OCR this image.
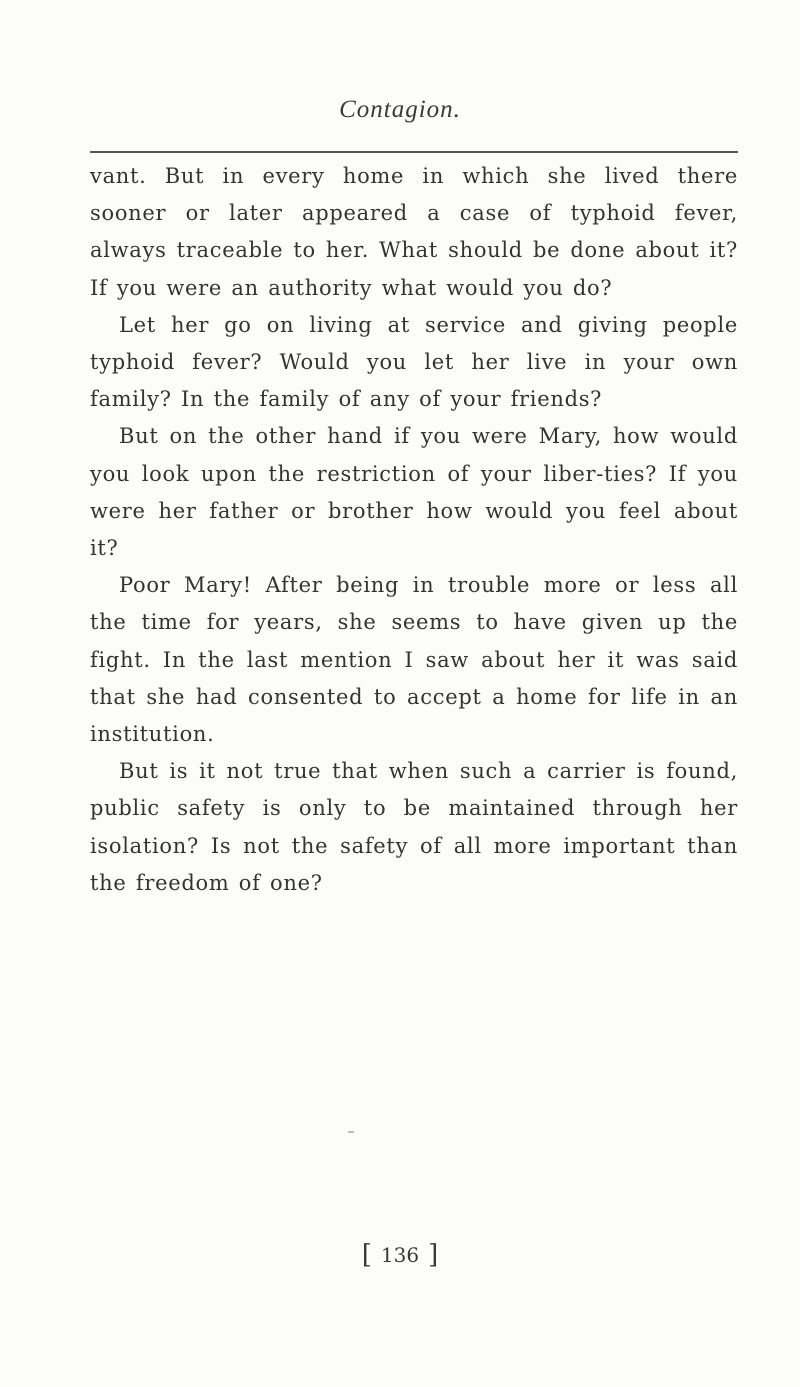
Contagion.

vant. But in every home in which she lived there sooner or later appeared a case of typhoid fever, always traceable to her. What should be done about it? If you were an authority what would you do?

Let her go on living at service and giving people typhoid fever? Would you let her live in your own family? In the family of any of your friends?

But on the other hand if you were Mary, how would you look upon the restriction of your liber-ties? If you were her father or brother how would you feel about it?

Poor Mary! After being in trouble more or less all the time for years, she seems to have given up the fight. In the last mention I saw about her it was said that she had consented to accept a home for life in an institution.

But is it not true that when such a carrier is found, public safety is only to be maintained through her isolation? Is not the safety of all more important than the freedom of one?

[ 136 ]
